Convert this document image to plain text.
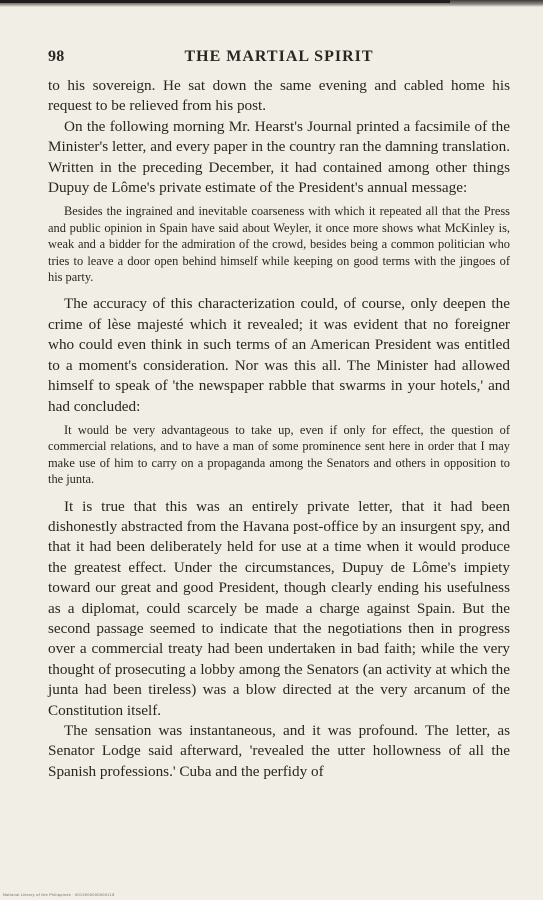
98	THE MARTIAL SPIRIT

to his sovereign. He sat down the same evening and cabled home his request to be relieved from his post.

On the following morning Mr. Hearst's Journal printed a facsimile of the Minister's letter, and every paper in the country ran the damning translation. Written in the preceding December, it had contained among other things Dupuy de Lôme's private estimate of the President's annual message:

Besides the ingrained and inevitable coarseness with which it repeated all that the Press and public opinion in Spain have said about Weyler, it once more shows what McKinley is, weak and a bidder for the admiration of the crowd, besides being a common politician who tries to leave a door open behind himself while keeping on good terms with the jingoes of his party.

The accuracy of this characterization could, of course, only deepen the crime of lèse majesté which it revealed; it was evident that no foreigner who could even think in such terms of an American President was entitled to a moment's consideration. Nor was this all. The Minister had allowed himself to speak of 'the newspaper rabble that swarms in your hotels,' and had concluded:

It would be very advantageous to take up, even if only for effect, the question of commercial relations, and to have a man of some prominence sent here in order that I may make use of him to carry on a propaganda among the Senators and others in opposition to the junta.

It is true that this was an entirely private letter, that it had been dishonestly abstracted from the Havana post-office by an insurgent spy, and that it had been deliberately held for use at a time when it would produce the greatest effect. Under the circumstances, Dupuy de Lôme's impiety toward our great and good President, though clearly ending his usefulness as a diplomat, could scarcely be made a charge against Spain. But the second passage seemed to indicate that the negotiations then in progress over a commercial treaty had been undertaken in bad faith; while the very thought of prosecuting a lobby among the Senators (an activity at which the junta had been tireless) was a blow directed at the very arcanum of the Constitution itself.

The sensation was instantaneous, and it was profound. The letter, as Senator Lodge said afterward, 'revealed the utter hollowness of all the Spanish professions.' Cuba and the perfidy of

National Library of the Philippines · 0015000000000118
